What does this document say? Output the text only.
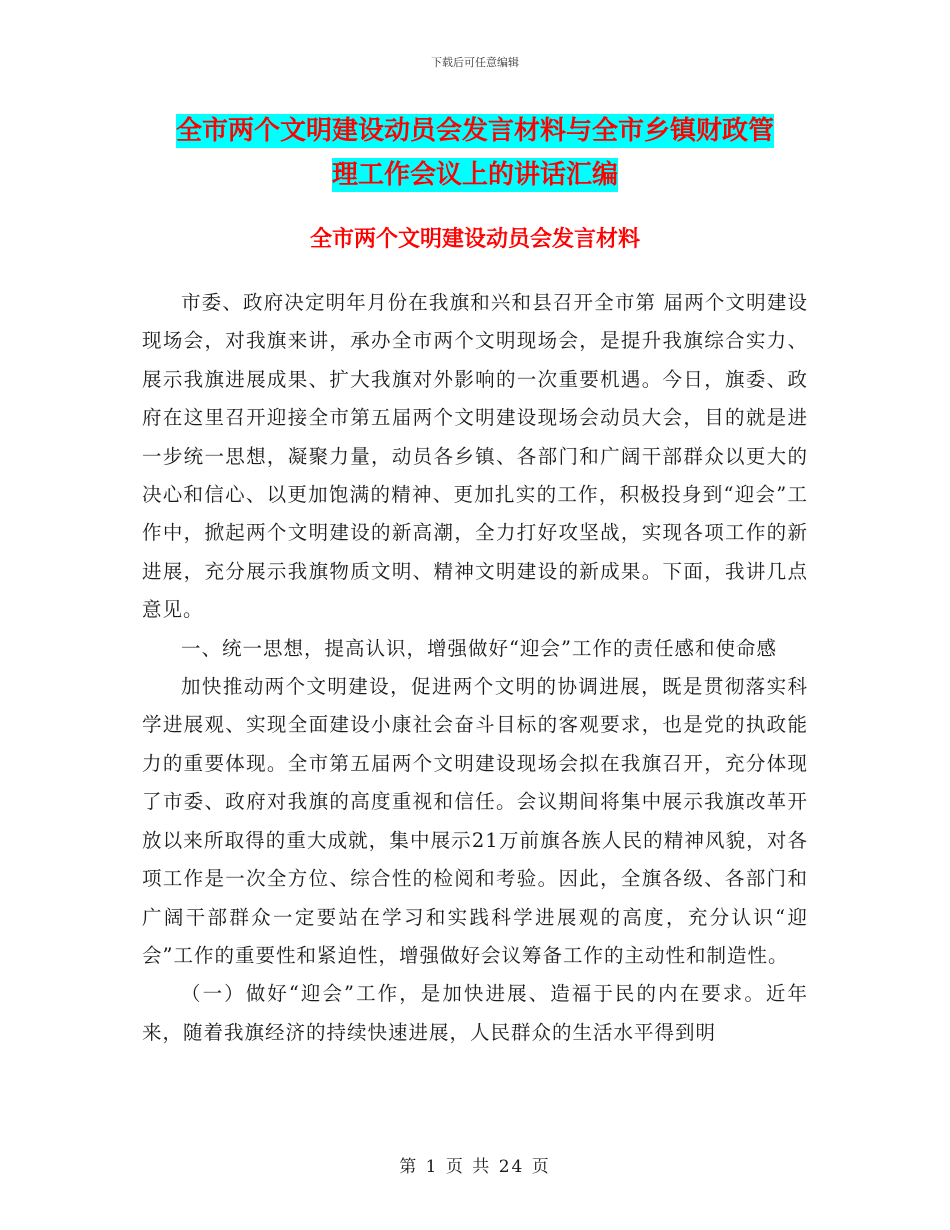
下载后可任意编辑
全市两个文明建设动员会发言材料与全市乡镇财政管
理工作会议上的讲话汇编
全市两个文明建设动员会发言材料

市委、政府决定明年月份在我旗和兴和县召开全市第 届两个文明建设现场会，对我旗来讲，承办全市两个文明现场会，是提升我旗综合实力、展示我旗进展成果、扩大我旗对外影响的一次重要机遇。今日，旗委、政府在这里召开迎接全市第五届两个文明建设现场会动员大会，目的就是进一步统一思想，凝聚力量，动员各乡镇、各部门和广阔干部群众以更大的决心和信心、以更加饱满的精神、更加扎实的工作，积极投身到“迎会”工作中，掀起两个文明建设的新高潮，全力打好攻坚战，实现各项工作的新进展，充分展示我旗物质文明、精神文明建设的新成果。下面，我讲几点意见。

一、统一思想，提高认识，增强做好“迎会”工作的责任感和使命感

加快推动两个文明建设，促进两个文明的协调进展，既是贯彻落实科学进展观、实现全面建设小康社会奋斗目标的客观要求，也是党的执政能力的重要体现。全市第五届两个文明建设现场会拟在我旗召开，充分体现了市委、政府对我旗的高度重视和信任。会议期间将集中展示我旗改革开放以来所取得的重大成就，集中展示21万前旗各族人民的精神风貌，对各项工作是一次全方位、综合性的检阅和考验。因此，全旗各级、各部门和广阔干部群众一定要站在学习和实践科学进展观的高度，充分认识“迎会”工作的重要性和紧迫性，增强做好会议筹备工作的主动性和制造性。

（一）做好“迎会”工作，是加快进展、造福于民的内在要求。近年来，随着我旗经济的持续快速进展，人民群众的生活水平得到明

第 1 页 共 24 页
